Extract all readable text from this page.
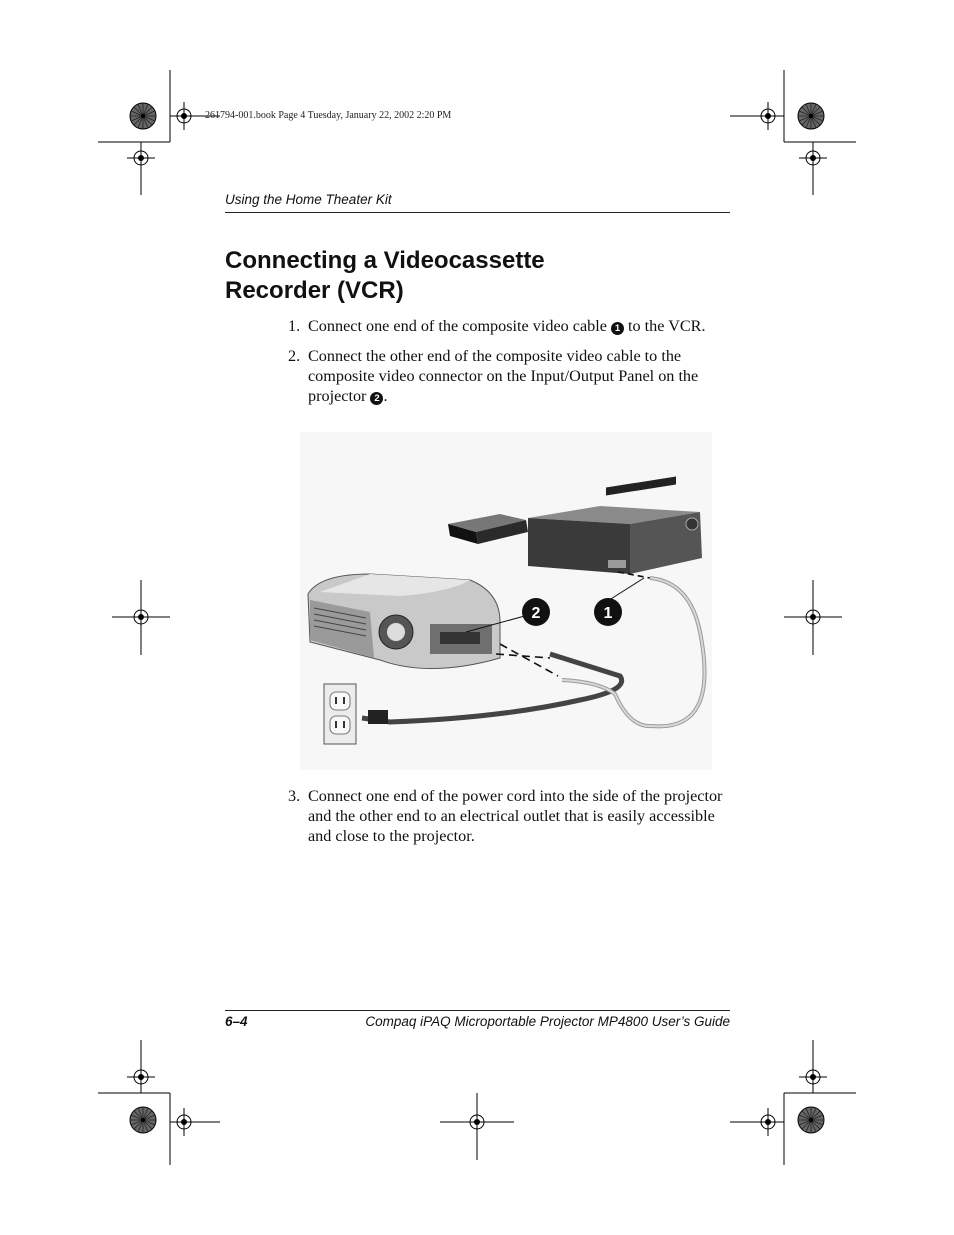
261794-001.book Page 4 Tuesday, January 22, 2002 2:20 PM
Using the Home Theater Kit
Connecting a Videocassette
Recorder (VCR)

1. Connect one end of the composite video cable 1 to the VCR.

2. Connect the other end of the composite video cable to the composite video connector on the Input/Output Panel on the projector 2 .

2	1

3. Connect one end of the power cord into the side of the projector and the other end to an electrical outlet that is easily accessible and close to the projector.

6–4	Compaq iPAQ Microportable Projector MP4800 User’s Guide
